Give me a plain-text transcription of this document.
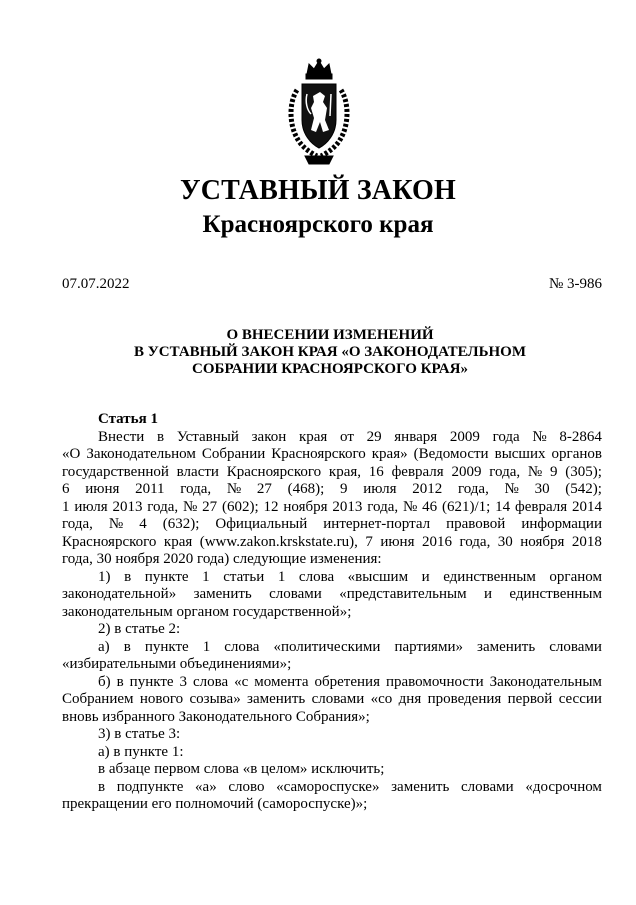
УСТАВНЫЙ ЗАКОН
Красноярского края
07.07.2022	№ 3-986
О ВНЕСЕНИИ ИЗМЕНЕНИЙ
В УСТАВНЫЙ ЗАКОН КРАЯ «О ЗАКОНОДАТЕЛЬНОМ
СОБРАНИИ КРАСНОЯРСКОГО КРАЯ»
Статья 1
Внести в Уставный закон края от 29 января 2009 года № 8-2864
«О Законодательном Собрании Красноярского края» (Ведомости высших органов
государственной власти Красноярского края, 16 февраля 2009 года, № 9 (305);
6 июня 2011 года, № 27 (468); 9 июля 2012 года, № 30 (542);
1 июля 2013 года, № 27 (602); 12 ноября 2013 года, № 46 (621)/1; 14 февраля 2014
года, № 4 (632); Официальный интернет-портал правовой информации
Красноярского края (www.zakon.krskstate.ru), 7 июня 2016 года, 30 ноября 2018
года, 30 ноября 2020 года) следующие изменения:
1) в пункте 1 статьи 1 слова «высшим и единственным органом
законодательной» заменить словами «представительным и единственным
законодательным органом государственной»;
2) в статье 2:
а) в пункте 1 слова «политическими партиями» заменить словами
«избирательными объединениями»;
б) в пункте 3 слова «с момента обретения правомочности Законодательным
Собранием нового созыва» заменить словами «со дня проведения первой сессии
вновь избранного Законодательного Собрания»;
3) в статье 3:
а) в пункте 1:
в абзаце первом слова «в целом» исключить;
в подпункте «а» слово «самороспуске» заменить словами «досрочном
прекращении его полномочий (самороспуске)»;
